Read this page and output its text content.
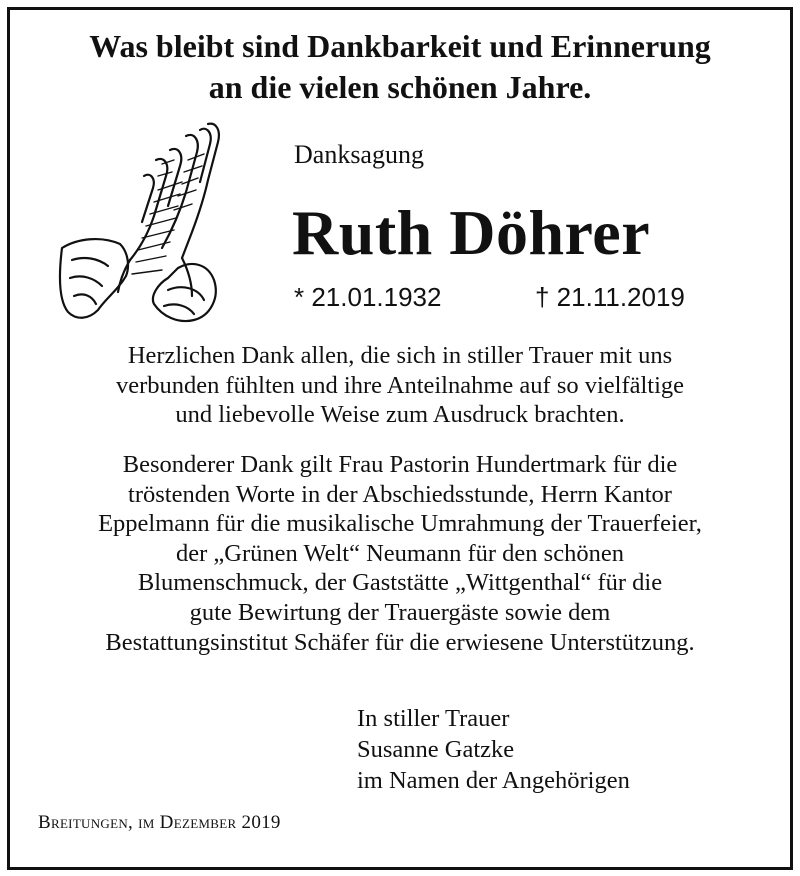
Was bleibt sind Dankbarkeit und Erinnerung
an die vielen schönen Jahre.
Danksagung
Ruth Döhrer
* 21.01.1932	† 21.11.2019
Herzlichen Dank allen, die sich in stiller Trauer mit uns
verbunden fühlten und ihre Anteilnahme auf so vielfältige
und liebevolle Weise zum Ausdruck brachten.
Besonderer Dank gilt Frau Pastorin Hundertmark für die
tröstenden Worte in der Abschiedsstunde, Herrn Kantor
Eppelmann für die musikalische Umrahmung der Trauerfeier,
der „Grünen Welt“ Neumann für den schönen
Blumenschmuck, der Gaststätte „Wittgenthal“ für die
gute Bewirtung der Trauergäste sowie dem
Bestattungsinstitut Schäfer für die erwiesene Unterstützung.
In stiller Trauer
Susanne Gatzke
im Namen der Angehörigen
Breitungen, im Dezember 2019
